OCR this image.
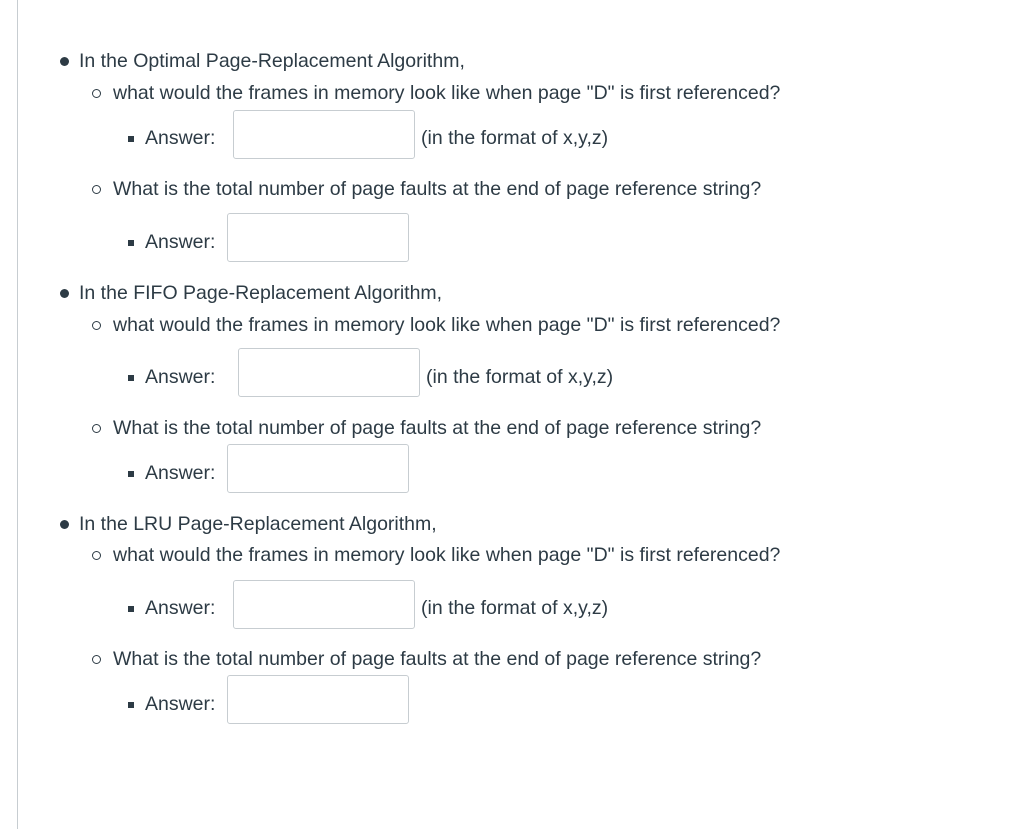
In the Optimal Page-Replacement Algorithm,
what would the frames in memory look like when page "D" is first referenced?
Answer:	(in the format of x,y,z)
What is the total number of page faults at the end of page reference string?
Answer:
In the FIFO Page-Replacement Algorithm,
what would the frames in memory look like when page "D" is first referenced?
Answer:	(in the format of x,y,z)
What is the total number of page faults at the end of page reference string?
Answer:
In the LRU Page-Replacement Algorithm,
what would the frames in memory look like when page "D" is first referenced?
Answer:	(in the format of x,y,z)
What is the total number of page faults at the end of page reference string?
Answer:
